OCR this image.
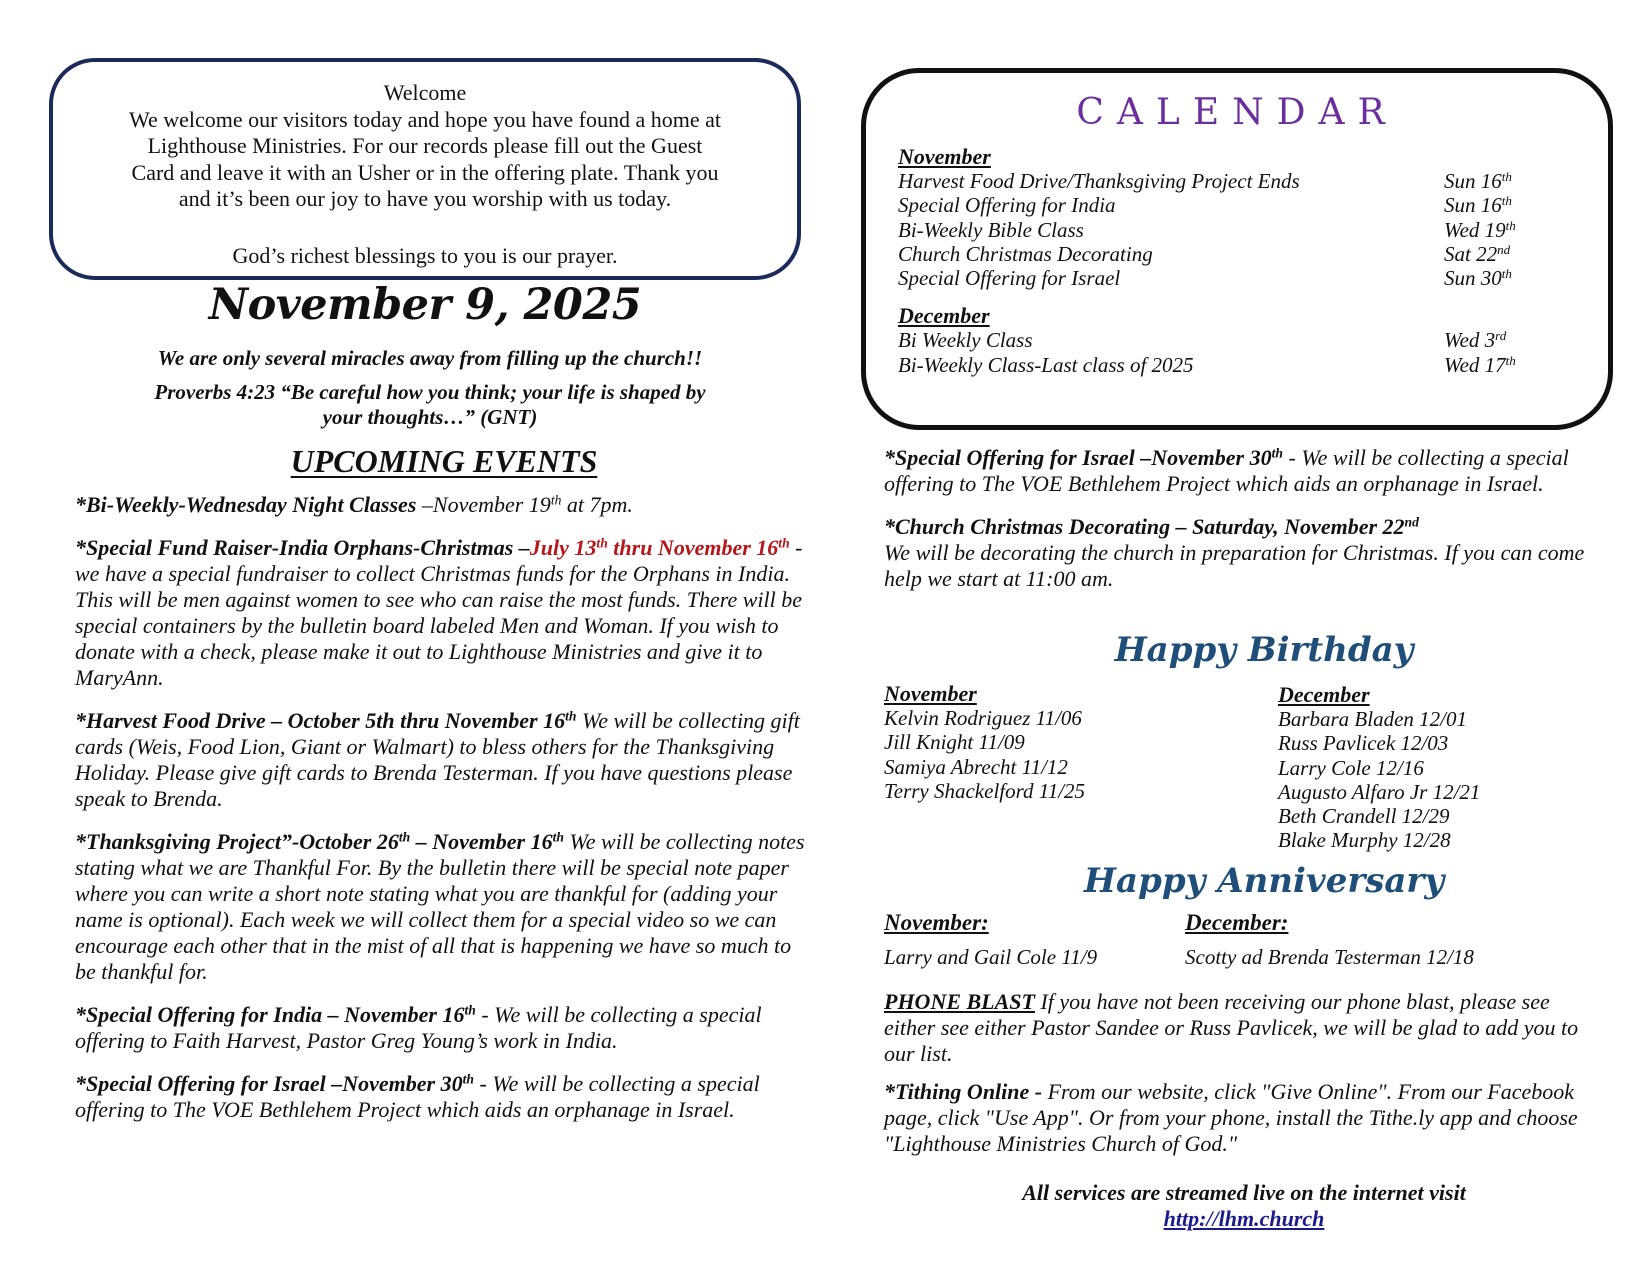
Welcome
We welcome our visitors today and hope you have found a home at
Lighthouse Ministries. For our records please fill out the Guest
Card and leave it with an Usher or in the offering plate. Thank you
and it’s been our joy to have you worship with us today.
God’s richest blessings to you is our prayer.
November 9, 2025
We are only several miracles away from filling up the church!!
Proverbs 4:23 “Be careful how you think; your life is shaped by
your thoughts…” (GNT)
UPCOMING EVENTS
*Bi-Weekly-Wednesday Night Classes –November 19th at 7pm.
*Special Fund Raiser-India Orphans-Christmas –July 13th thru November 16th - we have a special fundraiser to collect Christmas funds for the Orphans in India. This will be men against women to see who can raise the most funds. There will be special containers by the bulletin board labeled Men and Woman. If you wish to donate with a check, please make it out to Lighthouse Ministries and give it to MaryAnn.
*Harvest Food Drive – October 5th thru November 16th We will be collecting gift cards (Weis, Food Lion, Giant or Walmart) to bless others for the Thanksgiving Holiday. Please give gift cards to Brenda Testerman. If you have questions please speak to Brenda.
*Thanksgiving Project”-October 26th – November 16th We will be collecting notes stating what we are Thankful For. By the bulletin there will be special note paper where you can write a short note stating what you are thankful for (adding your name is optional). Each week we will collect them for a special video so we can encourage each other that in the mist of all that is happening we have so much to be thankful for.
*Special Offering for India – November 16th - We will be collecting a special offering to Faith Harvest, Pastor Greg Young’s work in India.
*Special Offering for Israel –November 30th - We will be collecting a special offering to The VOE Bethlehem Project which aids an orphanage in Israel.
CALENDAR
November
Harvest Food Drive/Thanksgiving Project Ends	Sun 16th
Special Offering for India	Sun 16th
Bi-Weekly Bible Class	Wed 19th
Church Christmas Decorating	Sat 22nd
Special Offering for Israel	Sun 30th
December
Bi Weekly Class	Wed 3rd
Bi-Weekly Class-Last class of 2025	Wed 17th
*Special Offering for Israel –November 30th - We will be collecting a special offering to The VOE Bethlehem Project which aids an orphanage in Israel.
*Church Christmas Decorating – Saturday, November 22nd
We will be decorating the church in preparation for Christmas. If you can come help we start at 11:00 am.
Happy Birthday
November
Kelvin Rodriguez 11/06
Jill Knight 11/09
Samiya Abrecht 11/12
Terry Shackelford 11/25
December
Barbara Bladen 12/01
Russ Pavlicek 12/03
Larry Cole 12/16
Augusto Alfaro Jr 12/21
Beth Crandell 12/29
Blake Murphy 12/28
Happy Anniversary
November:	December:
Larry and Gail Cole 11/9	Scotty ad Brenda Testerman 12/18
PHONE BLAST If you have not been receiving our phone blast, please see either see either Pastor Sandee or Russ Pavlicek, we will be glad to add you to our list.
*Tithing Online - From our website, click "Give Online". From our Facebook page, click "Use App". Or from your phone, install the Tithe.ly app and choose "Lighthouse Ministries Church of God."
All services are streamed live on the internet visit
http://lhm.church
